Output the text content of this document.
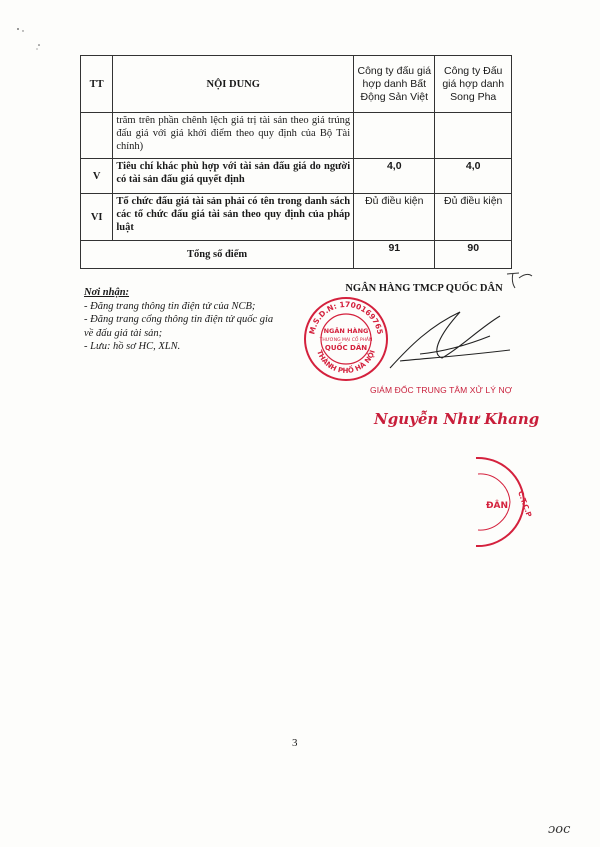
TT	NỘI DUNG	Công ty đấu giá hợp danh Bất Động Sản Việt	Công ty Đấu giá hợp danh Song Pha
	trăm trên phần chênh lệch giá trị tài sản theo giá trúng đấu giá với giá khởi điểm theo quy định của Bộ Tài chính)		
V	Tiêu chí khác phù hợp với tài sản đấu giá do người có tài sản đấu giá quyết định	4,0	4,0
VI	Tổ chức đấu giá tài sản phải có tên trong danh sách các tổ chức đấu giá tài sản theo quy định của pháp luật	Đủ điều kiện	Đủ điều kiện
Tổng số điểm		91	90
Nơi nhận:
- Đăng trang thông tin điện tử của NCB;
- Đăng trang cổng thông tin điện tử quốc gia về đấu giá tài sản;
- Lưu: hồ sơ HC, XLN.
NGÂN HÀNG TMCP QUỐC DÂN
M.S.D.N: 1700169765
THÀNH PHỐ HÀ NỘI
NGÂN HÀNG
THƯƠNG MẠI CỔ PHẦN
QUỐC DÂN
GIÁM ĐỐC TRUNG TÂM XỬ LÝ NỢ
Nguyễn Như Khang
C.T.C.P
ĐÂN
3
ɔoc
